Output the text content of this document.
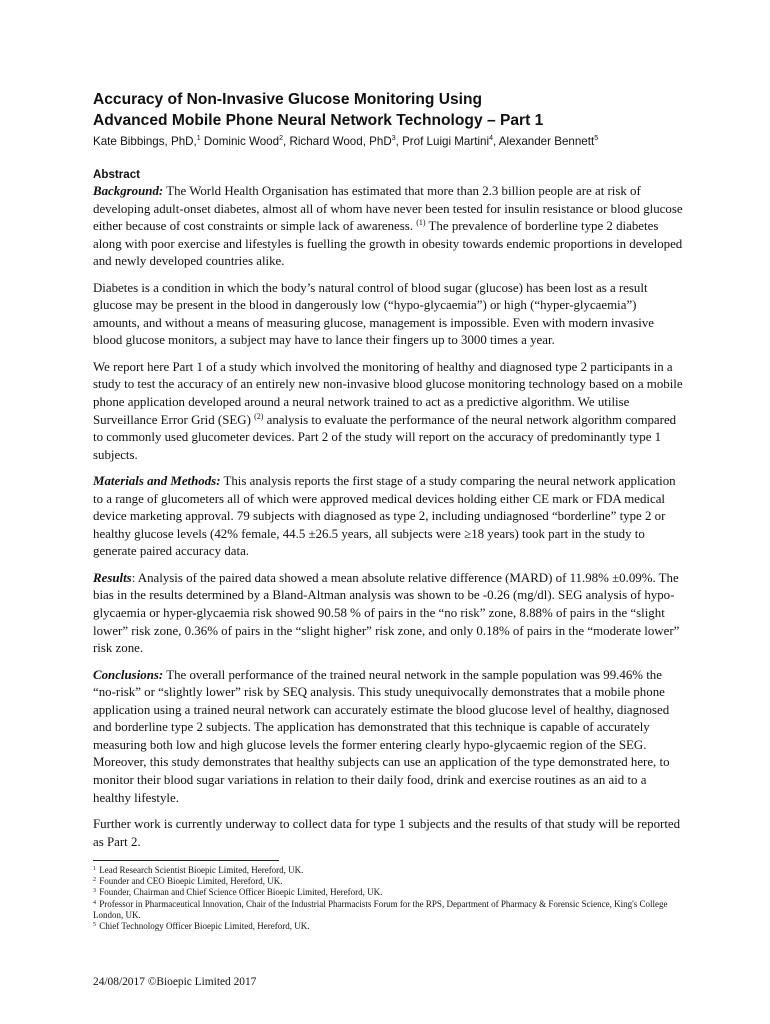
Accuracy of Non-Invasive Glucose Monitoring Using
Advanced Mobile Phone Neural Network Technology – Part 1
Kate Bibbings, PhD,$^1$ Dominic Wood$^2$, Richard Wood, PhD$^3$, Prof Luigi Martini$^4$, Alexander Bennett$^5$
Abstract

Background: The World Health Organisation has estimated that more than 2.3 billion people are at risk of developing adult-onset diabetes, almost all of whom have never been tested for insulin resistance or blood glucose either because of cost constraints or simple lack of awareness. $^{(1)}$ The prevalence of borderline type 2 diabetes along with poor exercise and lifestyles is fuelling the growth in obesity towards endemic proportions in developed and newly developed countries alike.

Diabetes is a condition in which the body’s natural control of blood sugar (glucose) has been lost as a result glucose may be present in the blood in dangerously low (“hypo-glycaemia”) or high (“hyper-glycaemia”) amounts, and without a means of measuring glucose, management is impossible. Even with modern invasive blood glucose monitors, a subject may have to lance their fingers up to 3000 times a year.

We report here Part 1 of a study which involved the monitoring of healthy and diagnosed type 2 participants in a study to test the accuracy of an entirely new non-invasive blood glucose monitoring technology based on a mobile phone application developed around a neural network trained to act as a predictive algorithm. We utilise Surveillance Error Grid (SEG) $^{(2)}$ analysis to evaluate the performance of the neural network algorithm compared to commonly used glucometer devices. Part 2 of the study will report on the accuracy of predominantly type 1 subjects.

Materials and Methods: This analysis reports the first stage of a study comparing the neural network application to a range of glucometers all of which were approved medical devices holding either CE mark or FDA medical device marketing approval. 79 subjects with diagnosed as type 2, including undiagnosed “borderline” type 2 or healthy glucose levels (42% female, 44.5 ±26.5 years, all subjects were ≥18 years) took part in the study to generate paired accuracy data.

Results: Analysis of the paired data showed a mean absolute relative difference (MARD) of 11.98% ±0.09%. The bias in the results determined by a Bland-Altman analysis was shown to be -0.26 (mg/dl). SEG analysis of hypo-glycaemia or hyper-glycaemia risk showed 90.58 % of pairs in the “no risk” zone, 8.88% of pairs in the “slight lower” risk zone, 0.36% of pairs in the “slight higher” risk zone, and only 0.18% of pairs in the “moderate lower” risk zone.

Conclusions: The overall performance of the trained neural network in the sample population was 99.46% the “no-risk” or “slightly lower” risk by SEQ analysis. This study unequivocally demonstrates that a mobile phone application using a trained neural network can accurately estimate the blood glucose level of healthy, diagnosed and borderline type 2 subjects. The application has demonstrated that this technique is capable of accurately measuring both low and high glucose levels the former entering clearly hypo-glycaemic region of the SEG. Moreover, this study demonstrates that healthy subjects can use an application of the type demonstrated here, to monitor their blood sugar variations in relation to their daily food, drink and exercise routines as an aid to a healthy lifestyle.

Further work is currently underway to collect data for type 1 subjects and the results of that study will be reported as Part 2.

$^1$ Lead Research Scientist Bioepic Limited, Hereford, UK.
$^2$ Founder and CEO Bioepic Limited, Hereford, UK.
$^3$ Founder, Chairman and Chief Science Officer Bioepic Limited, Hereford, UK.
$^4$ Professor in Pharmaceutical Innovation, Chair of the Industrial Pharmacists Forum for the RPS, Department of Pharmacy & Forensic Science, King's College London, UK.
$^5$ Chief Technology Officer Bioepic Limited, Hereford, UK.
24/08/2017 ©Bioepic Limited 2017
